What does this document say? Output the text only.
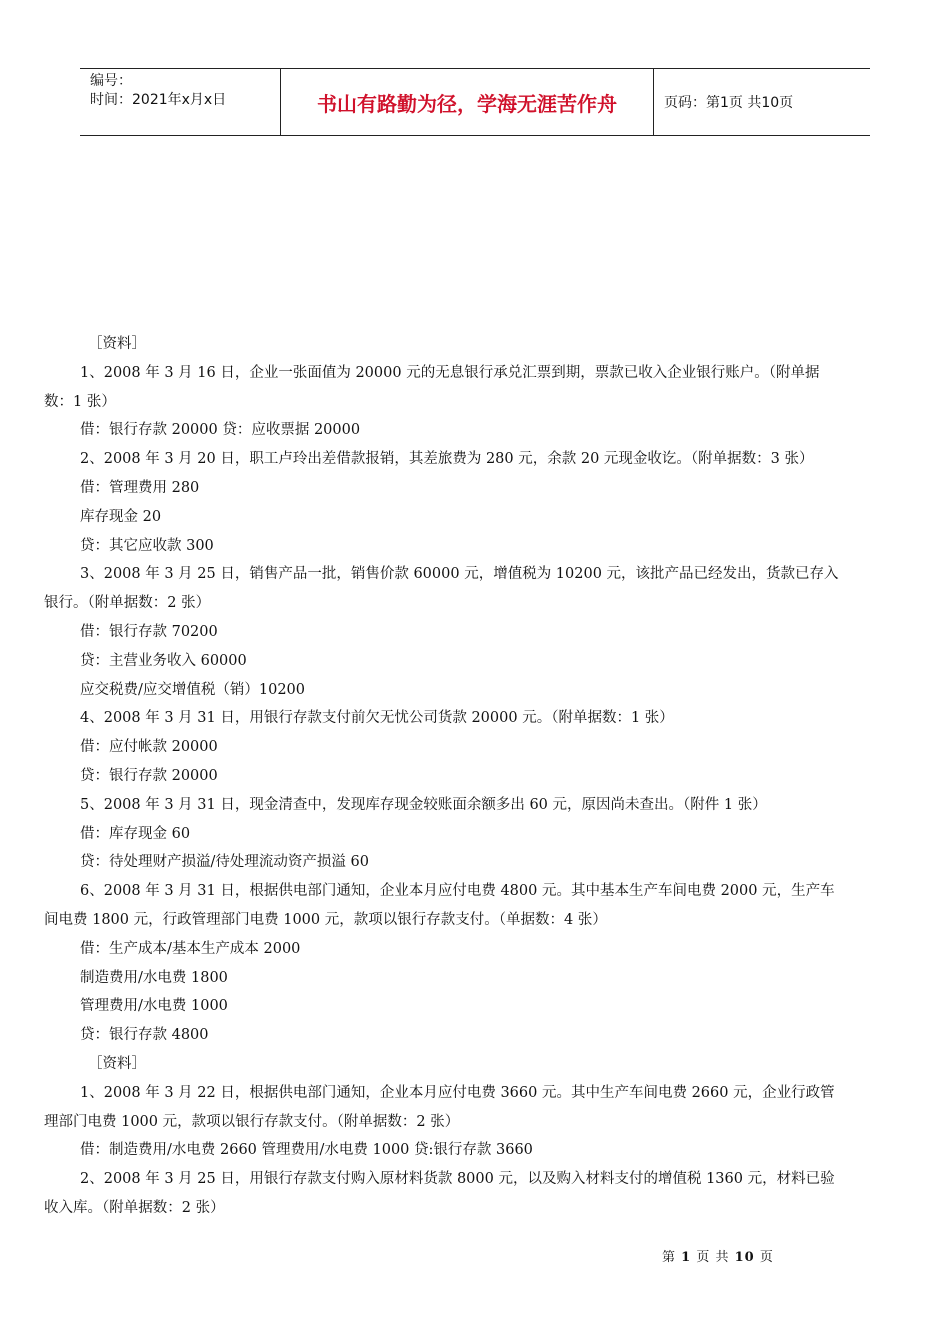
编号：
时间：2021年x月x日	书山有路勤为径，学海无涯苦作舟	页码：第1页 共10页
［资料］
1、2008 年 3 月 16 日，企业一张面值为 20000 元的无息银行承兑汇票到期，票款已收入企业银行账户。（附单据
数：1 张）
借：银行存款 20000 贷：应收票据 20000
2、2008 年 3 月 20 日，职工卢玲出差借款报销，其差旅费为 280 元，余款 20 元现金收讫。（附单据数：3 张）
借：管理费用 280
库存现金 20
贷：其它应收款 300
3、2008 年 3 月 25 日，销售产品一批，销售价款 60000 元，增值税为 10200 元，该批产品已经发出，货款已存入
银行。（附单据数：2 张）
借：银行存款 70200
贷：主营业务收入 60000
应交税费/应交增值税（销）10200
4、2008 年 3 月 31 日，用银行存款支付前欠无忧公司货款 20000 元。（附单据数：1 张）
借：应付帐款 20000
贷：银行存款 20000
5、2008 年 3 月 31 日，现金清查中，发现库存现金较账面余额多出 60 元，原因尚未查出。（附件 1 张）
借：库存现金 60
贷：待处理财产损溢/待处理流动资产损溢 60
6、2008 年 3 月 31 日，根据供电部门通知，企业本月应付电费 4800 元。其中基本生产车间电费 2000 元，生产车
间电费 1800 元，行政管理部门电费 1000 元，款项以银行存款支付。（单据数：4 张）
借：生产成本/基本生产成本 2000
制造费用/水电费 1800
管理费用/水电费 1000
贷：银行存款 4800
［资料］
1、2008 年 3 月 22 日，根据供电部门通知，企业本月应付电费 3660 元。其中生产车间电费 2660 元，企业行政管
理部门电费 1000 元，款项以银行存款支付。（附单据数：2 张）
借：制造费用/水电费 2660 管理费用/水电费 1000 贷:银行存款 3660
2、2008 年 3 月 25 日，用银行存款支付购入原材料货款 8000 元，以及购入材料支付的增值税 1360 元，材料已验
收入库。（附单据数：2 张）
第 1 页 共 10 页
